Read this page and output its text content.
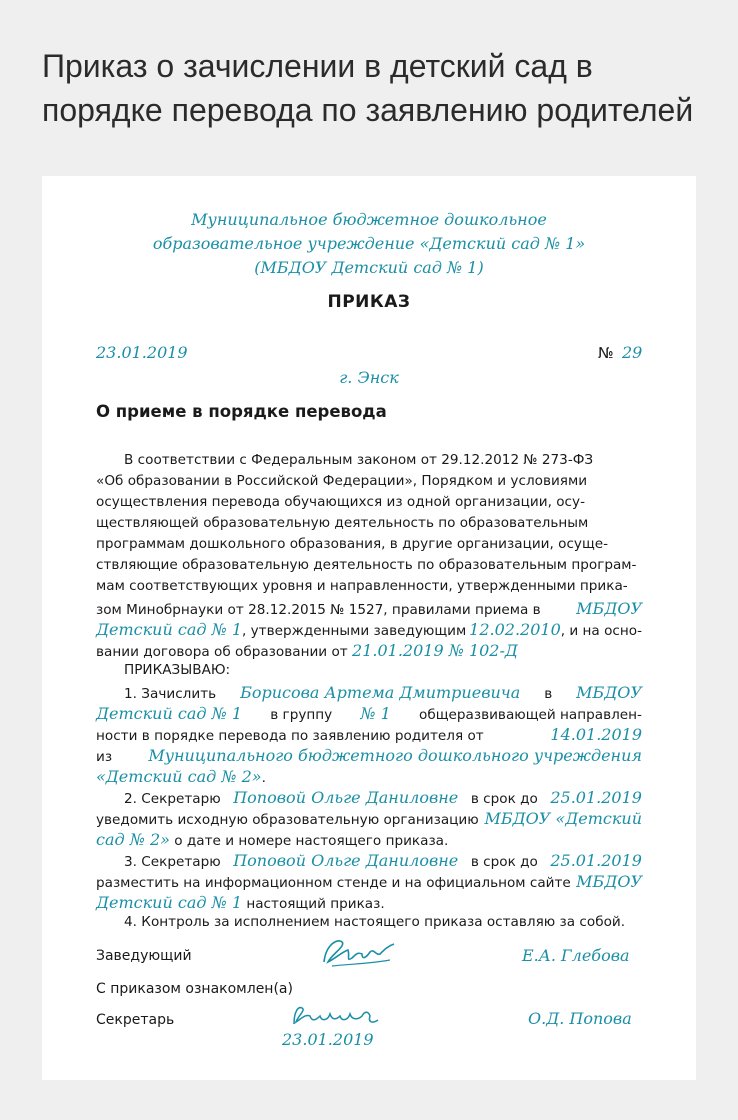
Приказ о зачислении в детский сад в порядке перевода по заявлению родителей

Муниципальное бюджетное дошкольное

образовательное учреждение «Детский сад № 1»

(МБДОУ Детский сад № 1)

ПРИКАЗ

23.01.2019	№ 29

г. Энск

О приеме в порядке перевода

В соответствии с Федеральным законом от 29.12.2012 № 273-ФЗ
«Об образовании в Российской Федерации», Порядком и условиями
осуществления перевода обучающихся из одной организации, осу-
ществляющей образовательную деятельность по образовательным
программам дошкольного образования, в другие организации, осуще-
ствляющие образовательную деятельность по образовательным програм-
мам соответствующих уровня и направленности, утвержденными прика-
зом Минобрнауки от 28.12.2015 № 1527, правилами приема в МБДОУ
Детский сад № 1, утвержденными заведующим 12.02.2010, и на осно-
вании договора об образовании от
21.01.2019 № 102-Д
ПРИКАЗЫВАЮ:
1. Зачислить Борисова Артема Дмитриевича в МБДОУ
Детский сад № 1 в группу № 1 общеразвивающей направлен-
ности в порядке перевода по заявлению родителя от	14.01.2019
из Муниципального бюджетного дошкольного учреждения
«Детский сад № 2» .
2. Секретарю Поповой Ольге Даниловне в срок до 25.01.2019
уведомить исходную образовательную организацию МБДОУ «Детский
сад № 2»
о дате и номере настоящего приказа.
3. Секретарю Поповой Ольге Даниловне в срок до 25.01.2019
разместить на информационном стенде и на официальном сайте МБДОУ
Детский сад № 1
настоящий приказ.
4. Контроль за исполнением настоящего приказа оставляю за собой.

Заведующий	Е.А. Глебова

С приказом ознакомлен(а)

Секретарь

23.01.2019

О.Д. Попова
